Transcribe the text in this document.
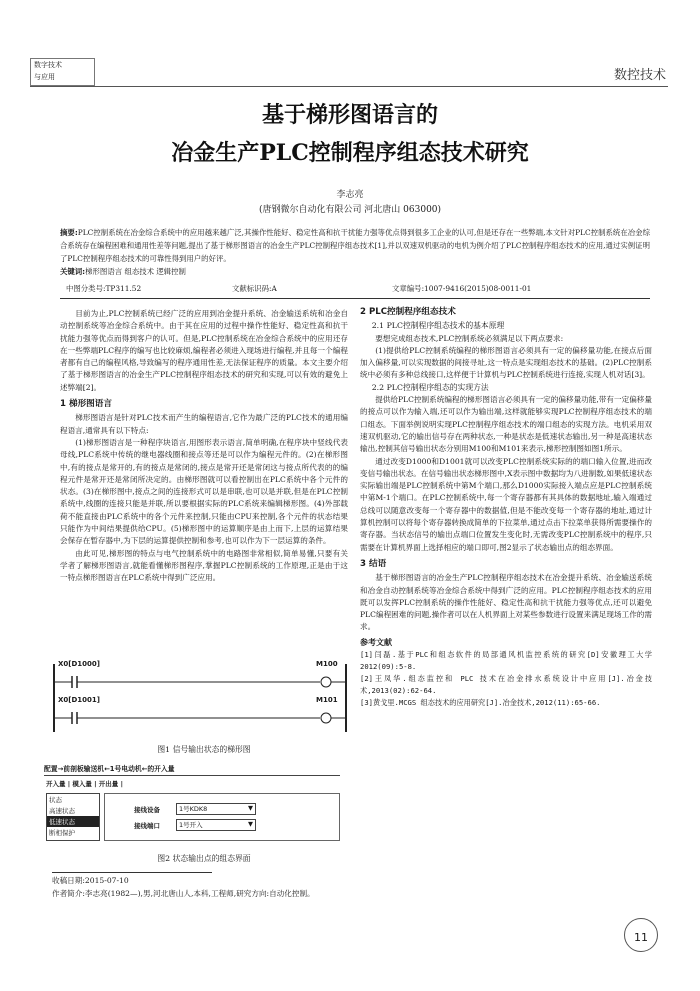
数字技术
与应用	数控技术
基于梯形图语言的
冶金生产PLC控制程序组态技术研究
李志亮
(唐钢微尔自动化有限公司 河北唐山 063000)
摘要:PLC控制系统在冶金综合系统中的应用越来越广泛,其操作性能好、稳定性高和抗干扰能力强等优点得到很多工企业的认可,但是还存在一些弊端,本文针对PLC控制系统在冶金综合系统存在编程困难和通用性差等问题,提出了基于梯形图语言的冶金生产PLC控制程序组态技术[1],并以双速双机驱动的电机为例介绍了PLC控制程序组态技术的应用,通过实例证明了PLC控制程序组态技术的可靠性得到用户的好评。
关键词:梯形图语言 组态技术 逻辑控制
中图分类号:TP311.52	文献标识码:A	文章编号:1007-9416(2015)08-0011-01

目前为止,PLC控制系统已经广泛的应用到冶金提升系统、冶金输送系统和冶金自动控制系统等冶金综合系统中。由于其在应用的过程中操作性能好、稳定性高和抗干扰能力强等优点而得到客户的认可。但是,PLC控制系统在冶金综合系统中的应用还存在一些弊端PLC程序的编写也比较麻烦,编程者必须进入现场进行编程,并且每一个编程者都有自己的编程风格,导致编写的程序通用性差,无法保证程序的质量。本文主要介绍了基于梯形图语言的冶金生产PLC控制程序组态技术的研究和实现,可以有效的避免上述弊端[2]。

1 梯形图语言

梯形图语言是针对PLC技术而产生的编程语言,它作为最广泛的PLC技术的通用编程语言,通常具有以下特点:

(1)梯形图语言是一种程序块语言,用图形表示语言,简单明确,在程序块中竖线代表母线,PLC系统中传统的继电器线圈和接点等还是可以作为编程元件的。(2)在梯形图中,有的接点是常开的,有的接点是常闭的,接点是常开还是常闭这与接点所代表的的编程元件是常开还是常闭所决定的。由梯形图就可以看控制出在PLC系统中各个元件的状态。(3)在梯形图中,接点之间的连接形式可以是串联,也可以是并联,但是在PLC控制系统中,线圈的连接只能是并联,所以要根据实际的PLC系统来编辑梯形图。(4)外部载荷不能直接由PLC系统中的各个元件来控制,只能由CPU来控制,各个元件的状态结果只能作为中间结果提供给CPU。(5)梯形图中的运算顺序是由上而下,上层的运算结果会保存在暂存器中,为下层的运算提供控制和参考,也可以作为下一层运算的条件。

由此可见,梯形图的特点与电气控制系统中的电路图非常相似,简单易懂,只要有关学者了解梯形图语言,就能看懂梯形图程序,掌握PLC控制系统的工作原理,正是由于这一特点梯形图语言在PLC系统中得到广泛应用。

X0[D1000]	M100
X0[D1001]	M101
图1 信号输出状态的梯形图
配置→前剖板输送机←1号电动机←的开入量
开入量 | 模入量 | 开出量 |
状态
高速状态
低速状态
断相保护
接线设备	1号KDK8	▼
接线端口	1号开入	▼
图2 状态输出点的组态界面
2 PLC控制程序组态技术
2.1 PLC控制程序组态技术的基本原理

要想完成组态技术,PLC控制系统必须满足以下两点要求:

(1)提供给PLC控制系统编程的梯形图语言必须具有一定的偏移量功能,在接点后面加入偏移量,可以实现数据的间接寻址,这一特点是实现组态技术的基础。(2)PLC控制系统中必须有多种总线接口,这样便于计算机与PLC控制系统进行连接,实现人机对话[3]。

2.2 PLC控制程序组态的实现方法

提供给PLC控制系统编程的梯形图语言必须具有一定的偏移量功能,带有一定偏移量的接点可以作为输入端,还可以作为输出端,这样就能够实现PLC控制程序组态技术的端口组态。下面举例说明实现PLC控制程序组态技术的端口组态的实现方法。电机采用双速双机驱动,它的输出信号存在两种状态,一种是状态是低速状态输出,另一种是高速状态输出,控制其信号输出状态分别用M100和M101来表示,梯形控制图如图1所示。

通过改变D1000和D1001就可以改变PLC控制系统实际的的端口输入位置,进而改变信号输出状态。在信号输出状态梯形图中,X表示图中数据均为八进制数,如果低速状态实际输出端是PLC控制系统中第M个端口,那么D1000实际接入端点应是PLC控制系统中第M-1个端口。在PLC控制系统中,每一个寄存器都有其具体的数据地址,输入端通过总线可以随意改变每一个寄存器中的数据值,但是不能改变每一个寄存器的地址,通过计算机控制可以将每个寄存器转换成简单的下拉菜单,通过点击下拉菜单获得所需要操作的寄存器。当状态信号的输出点端口位置发生变化时,无需改变PLC控制系统中的程序,只需要在计算机界面上选择相应的端口即可,图2显示了状态输出点的组态界面。

3 结语

基于梯形图语言的冶金生产PLC控制程序组态技术在冶金提升系统、冶金输送系统和冶金自动控制系统等冶金综合系统中得到广泛的应用。PLC控制程序组态技术的应用既可以发挥PLC控制系统的操作性能好、稳定性高和抗干扰能力强等优点,还可以避免PLC编程困难的问题,操作者可以在人机界面上对某些参数进行设置来满足现场工作的需求。

参考文献
[1]闫磊.基于PLC和组态软件的局部通风机监控系统的研究[D]安徽理工大学 2012(09):5-8.
[2]王凤华.组态监控和 PLC 技术在冶金排水系统设计中应用[J].冶金技术,2013(02):62-64.
[3]黄戈里.MCGS 组态技术的应用研究[J].冶金技术,2012(11):65-66.
收稿日期:2015-07-10
作者简介:李志亮(1982—),男,河北唐山人,本科,工程师,研究方向:自动化控制。
11
